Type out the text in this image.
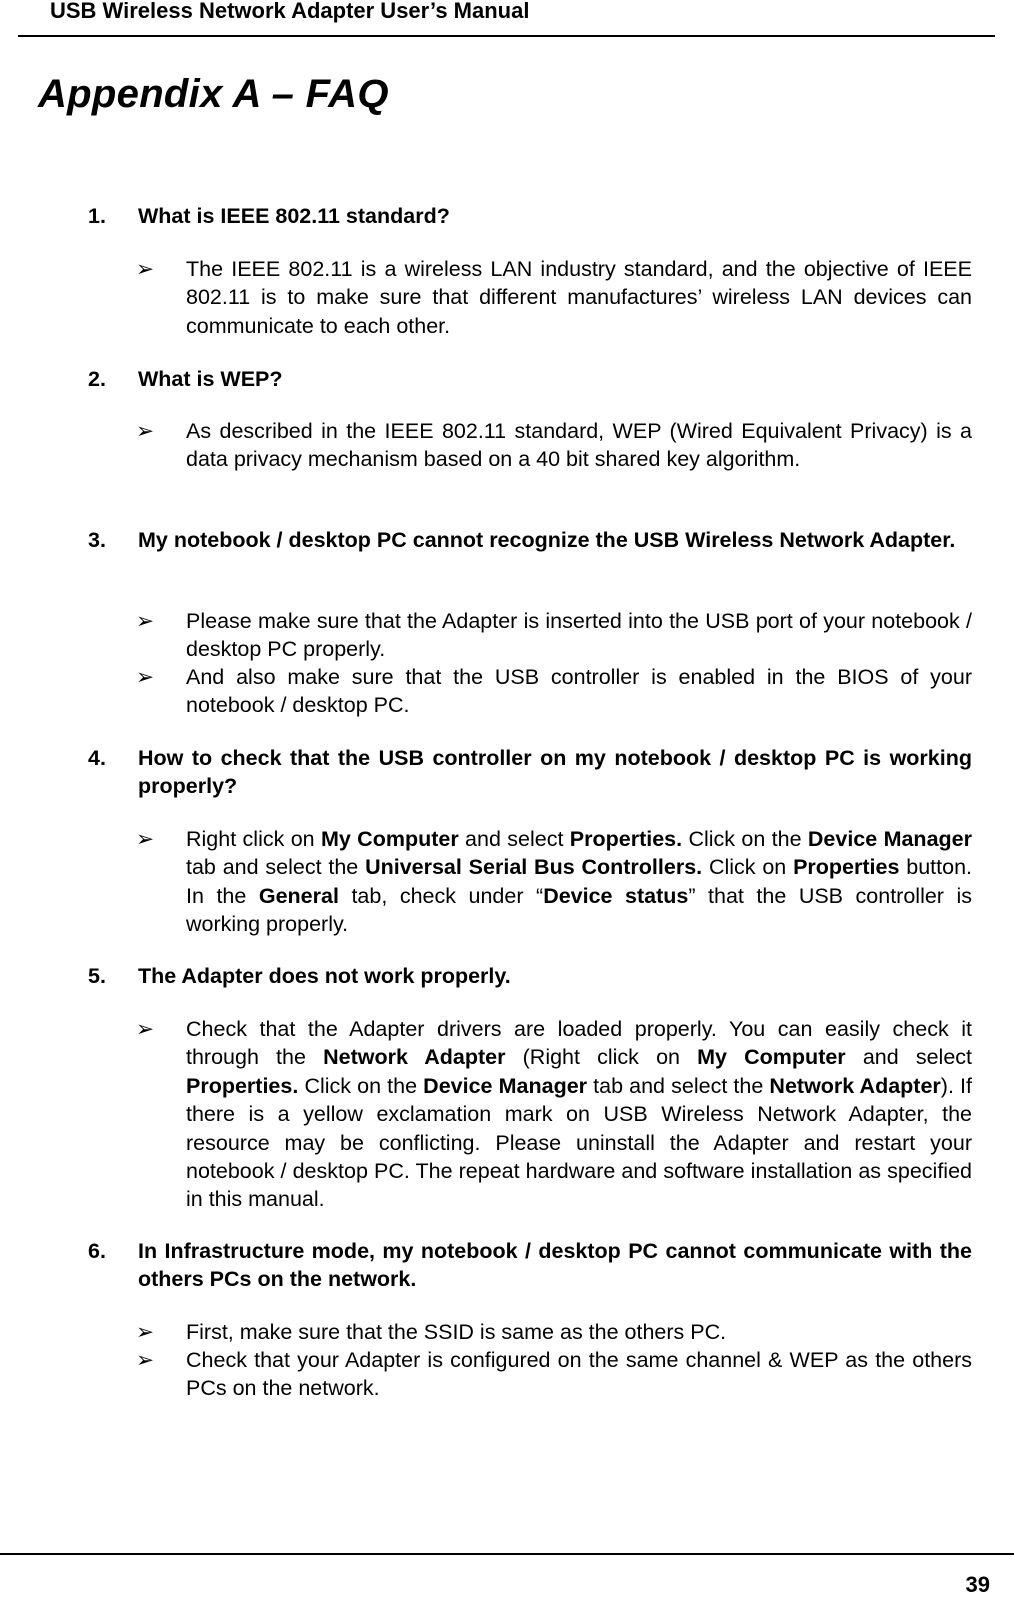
USB Wireless Network Adapter User’s Manual
Appendix A – FAQ
1. What is IEEE 802.11 standard?
➢ The IEEE 802.11 is a wireless LAN industry standard, and the objective of IEEE 802.11 is to make sure that different manufactures’ wireless LAN devices can communicate to each other.
2. What is WEP?
➢ As described in the IEEE 802.11 standard, WEP (Wired Equivalent Privacy) is a data privacy mechanism based on a 40 bit shared key algorithm.
3. My notebook / desktop PC cannot recognize the USB Wireless Network Adapter.
➢ Please make sure that the Adapter is inserted into the USB port of your notebook / desktop PC properly.
➢ And also make sure that the USB controller is enabled in the BIOS of your notebook / desktop PC.
4. How to check that the USB controller on my notebook / desktop PC is working properly?
➢ Right click on My Computer and select Properties. Click on the Device Manager tab and select the Universal Serial Bus Controllers. Click on Properties button. In the General tab, check under “Device status” that the USB controller is working properly.
5. The Adapter does not work properly.
➢ Check that the Adapter drivers are loaded properly. You can easily check it through the Network Adapter (Right click on My Computer and select Properties. Click on the Device Manager tab and select the Network Adapter). If there is a yellow exclamation mark on USB Wireless Network Adapter, the resource may be conflicting. Please uninstall the Adapter and restart your notebook / desktop PC. The repeat hardware and software installation as specified in this manual.
6. In Infrastructure mode, my notebook / desktop PC cannot communicate with the others PCs on the network.
➢ First, make sure that the SSID is same as the others PC.
➢ Check that your Adapter is configured on the same channel & WEP as the others PCs on the network.
39
